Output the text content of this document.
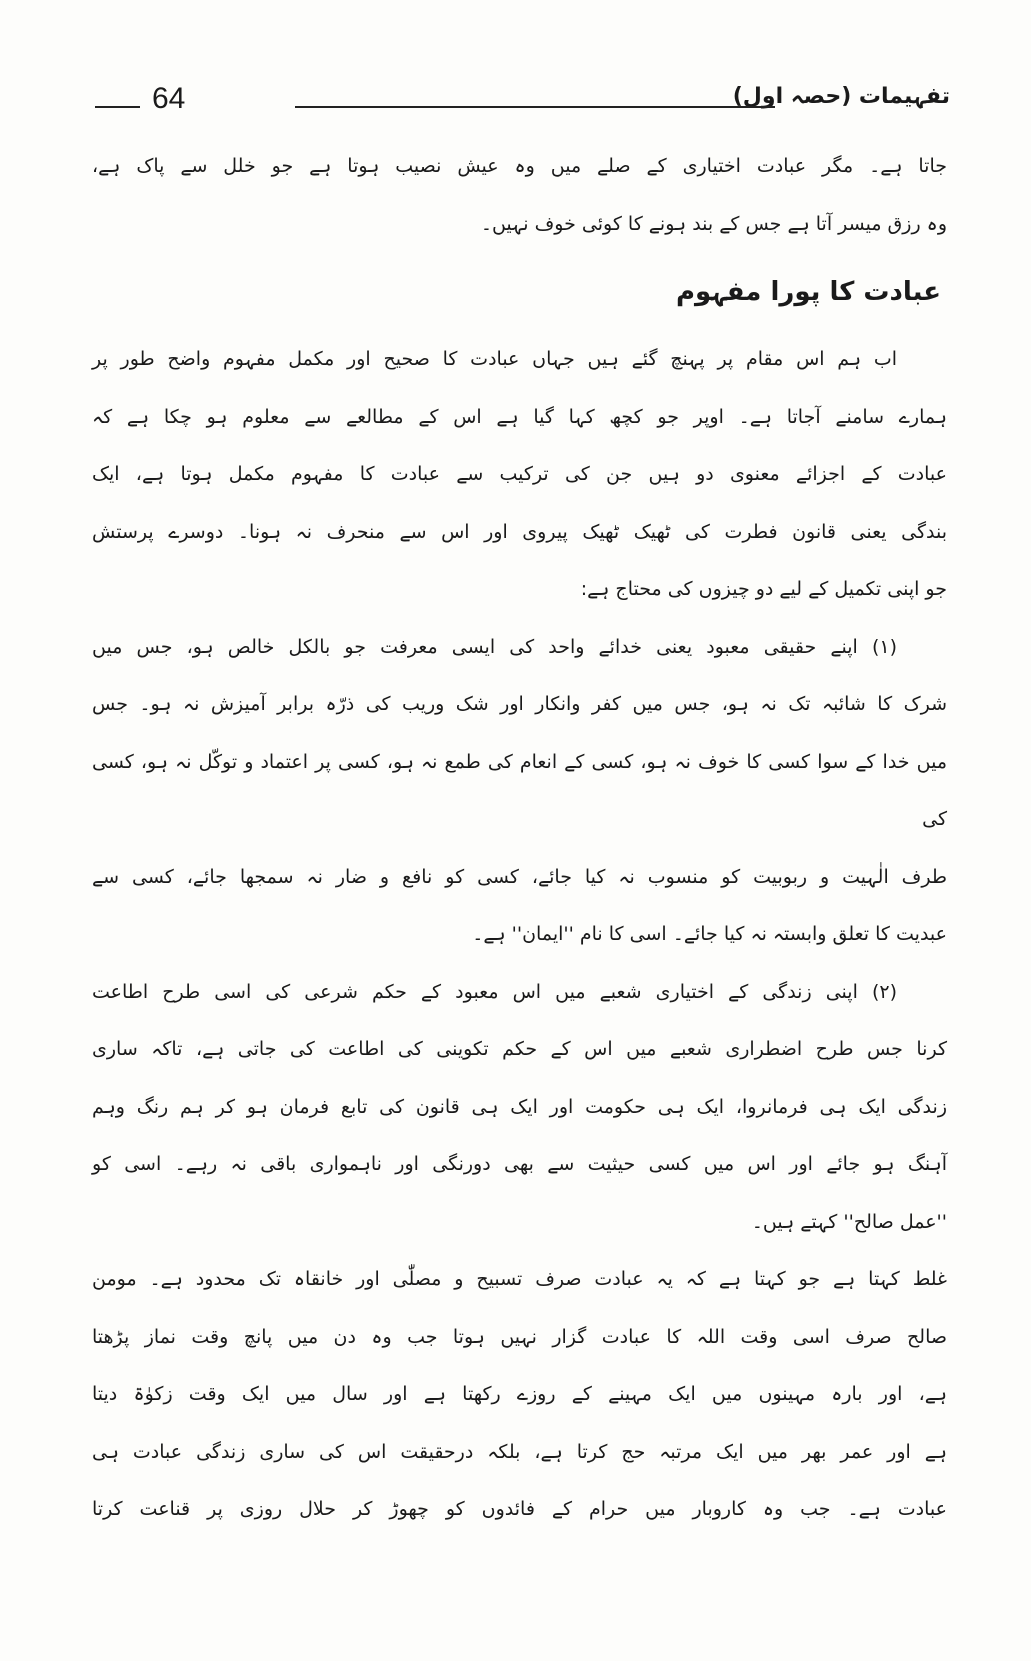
تفہیمات (حصہ اول)
64
جاتا ہے۔ مگر عبادت اختیاری کے صلے میں وہ عیش نصیب ہوتا ہے جو خلل سے پاک ہے،
وہ رزق میسر آتا ہے جس کے بند ہونے کا کوئی خوف نہیں۔
عبادت کا پورا مفہوم
اب ہم اس مقام پر پہنچ گئے ہیں جہاں عبادت کا صحیح اور مکمل مفہوم واضح طور پر
ہمارے سامنے آجاتا ہے۔ اوپر جو کچھ کہا گیا ہے اس کے مطالعے سے معلوم ہو چکا ہے کہ
عبادت کے اجزائے معنوی دو ہیں جن کی ترکیب سے عبادت کا مفہوم مکمل ہوتا ہے، ایک
بندگی یعنی قانون فطرت کی ٹھیک ٹھیک پیروی اور اس سے منحرف نہ ہونا۔ دوسرے پرستش
جو اپنی تکمیل کے لیے دو چیزوں کی محتاج ہے:
(۱) اپنے حقیقی معبود یعنی خدائے واحد کی ایسی معرفت جو بالکل خالص ہو، جس میں
شرک کا شائبہ تک نہ ہو، جس میں کفر وانکار اور شک وریب کی ذرّہ برابر آمیزش نہ ہو۔ جس
میں خدا کے سوا کسی کا خوف نہ ہو، کسی کے انعام کی طمع نہ ہو، کسی پر اعتماد و توکّل نہ ہو، کسی کی
طرف الٰہیت و ربوبیت کو منسوب نہ کیا جائے، کسی کو نافع و ضار نہ سمجھا جائے، کسی سے
عبدیت کا تعلق وابستہ نہ کیا جائے۔ اسی کا نام ''ایمان'' ہے۔
(۲) اپنی زندگی کے اختیاری شعبے میں اس معبود کے حکم شرعی کی اسی طرح اطاعت
کرنا جس طرح اضطراری شعبے میں اس کے حکم تکوینی کی اطاعت کی جاتی ہے، تاکہ ساری
زندگی ایک ہی فرمانروا، ایک ہی حکومت اور ایک ہی قانون کی تابع فرمان ہو کر ہم رنگ وہم
آہنگ ہو جائے اور اس میں کسی حیثیت سے بھی دورنگی اور ناہمواری باقی نہ رہے۔ اسی کو
''عمل صالح'' کہتے ہیں۔
غلط کہتا ہے جو کہتا ہے کہ یہ عبادت صرف تسبیح و مصلّٰی اور خانقاہ تک محدود ہے۔ مومن
صالح صرف اسی وقت اللہ کا عبادت گزار نہیں ہوتا جب وہ دن میں پانچ وقت نماز پڑھتا
ہے، اور بارہ مہینوں میں ایک مہینے کے روزے رکھتا ہے اور سال میں ایک وقت زکوٰۃ دیتا
ہے اور عمر بھر میں ایک مرتبہ حج کرتا ہے، بلکہ درحقیقت اس کی ساری زندگی عبادت ہی
عبادت ہے۔ جب وہ کاروبار میں حرام کے فائدوں کو چھوڑ کر حلال روزی پر قناعت کرتا
